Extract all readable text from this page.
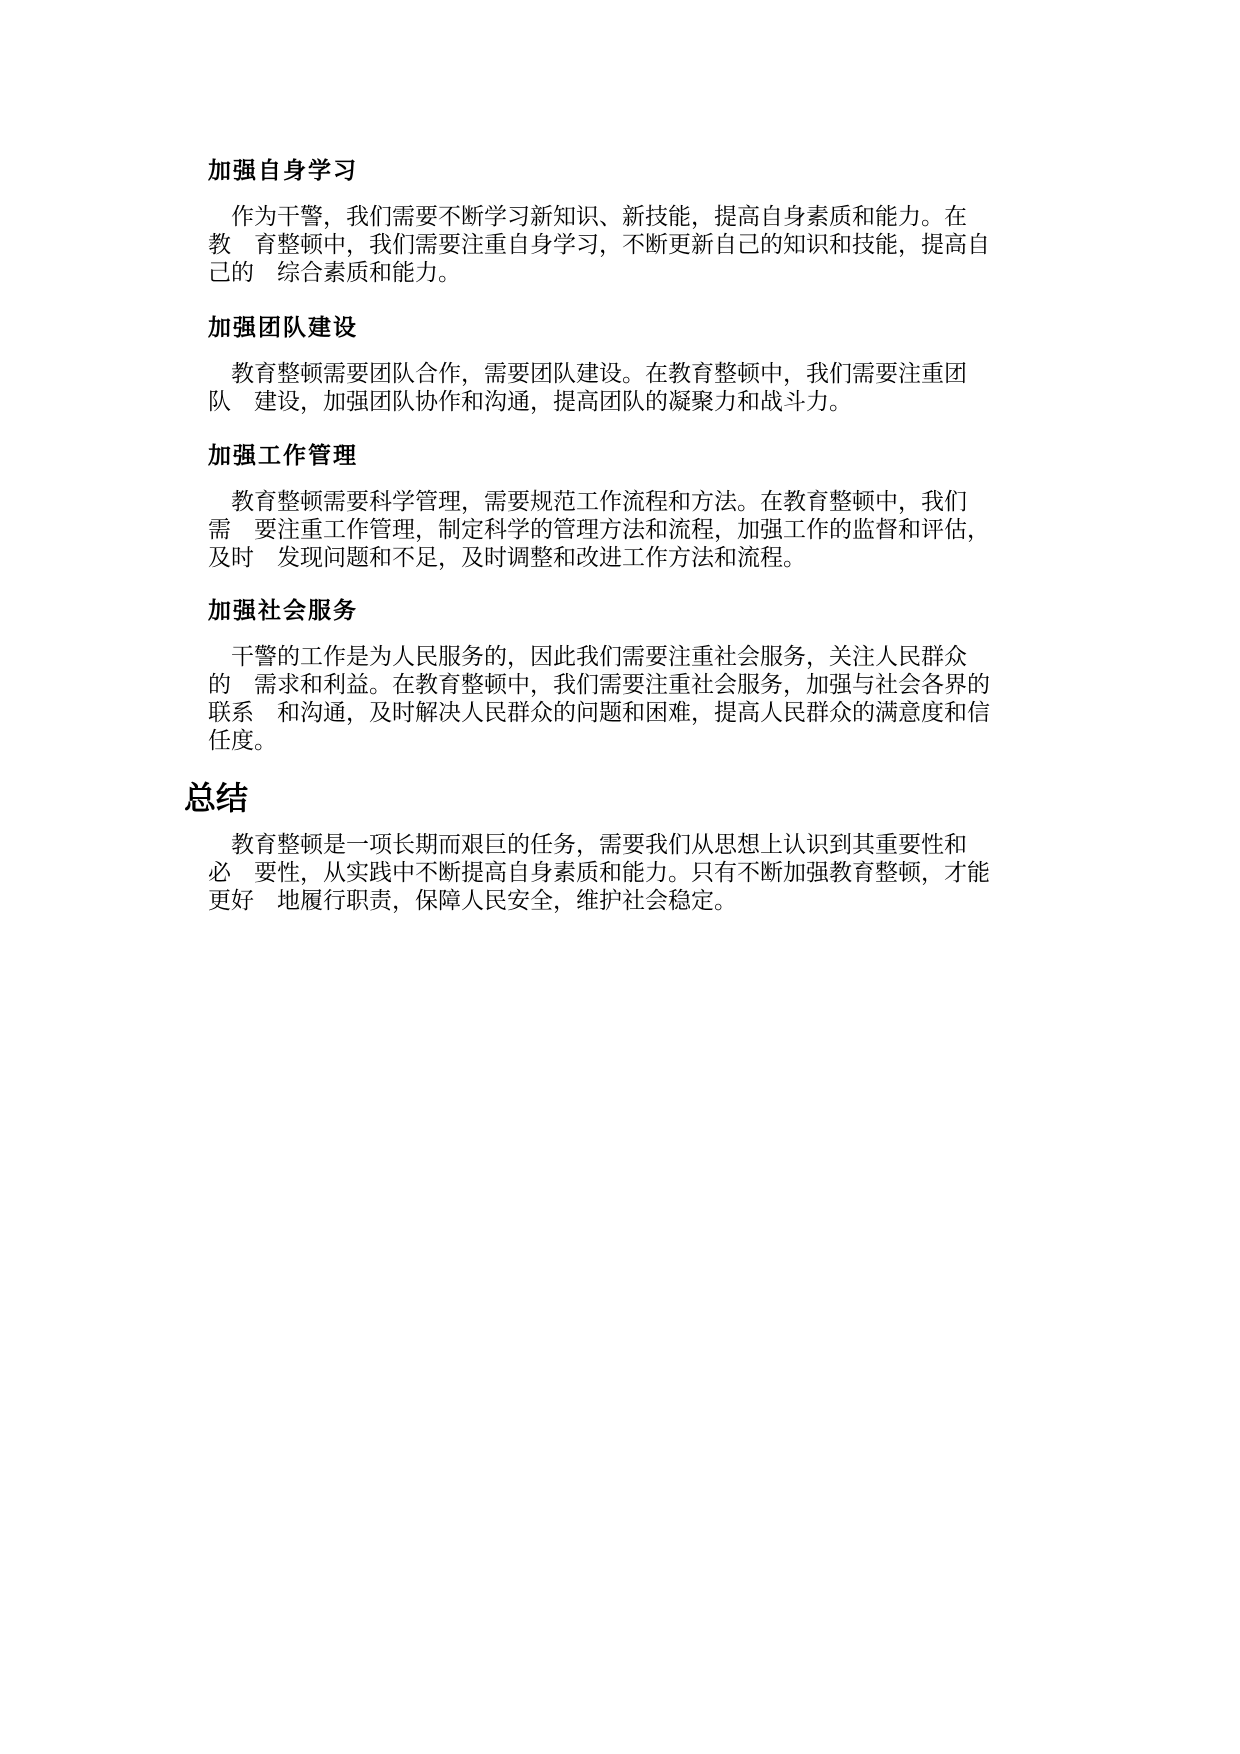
加强自身学习
　作为干警，我们需要不断学习新知识、新技能，提高自身素质和能力。在
教　育整顿中，我们需要注重自身学习，不断更新自己的知识和技能，提高自
己的　综合素质和能力。
加强团队建设
　教育整顿需要团队合作，需要团队建设。在教育整顿中，我们需要注重团
队　建设，加强团队协作和沟通，提高团队的凝聚力和战斗力。
加强工作管理
　教育整顿需要科学管理，需要规范工作流程和方法。在教育整顿中，我们
需　要注重工作管理，制定科学的管理方法和流程，加强工作的监督和评估，
及时　发现问题和不足，及时调整和改进工作方法和流程。
加强社会服务
　干警的工作是为人民服务的，因此我们需要注重社会服务，关注人民群众
的　需求和利益。在教育整顿中，我们需要注重社会服务，加强与社会各界的
联系　和沟通，及时解决人民群众的问题和困难，提高人民群众的满意度和信
任度。
总结
　教育整顿是一项长期而艰巨的任务，需要我们从思想上认识到其重要性和
必　要性，从实践中不断提高自身素质和能力。只有不断加强教育整顿，才能
更好　地履行职责，保障人民安全，维护社会稳定。
